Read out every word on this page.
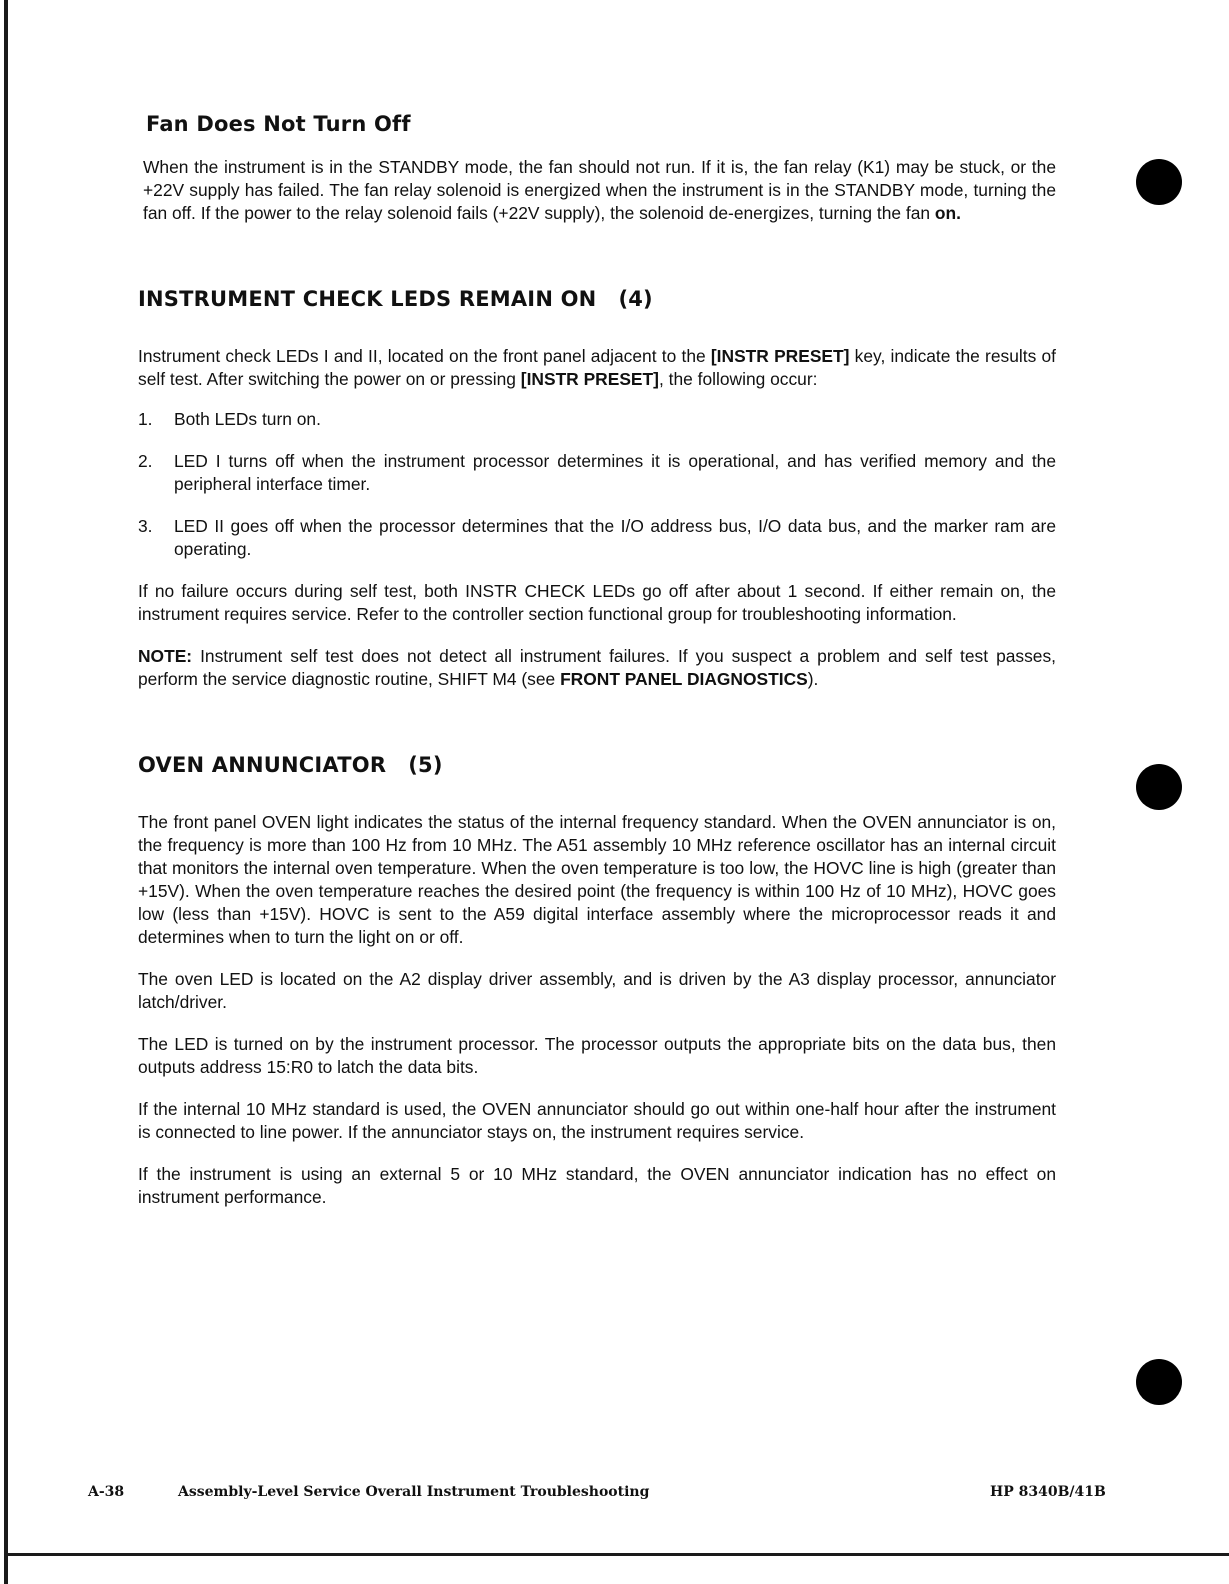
Fan Does Not Turn Off

When the instrument is in the STANDBY mode, the fan should not run. If it is, the fan relay (K1) may be stuck, or the +22V supply has failed. The fan relay solenoid is energized when the instrument is in the STANDBY mode, turning the fan off. If the power to the relay solenoid fails (+22V supply), the solenoid de-energizes, turning the fan on.

INSTRUMENT CHECK LEDS REMAIN ON (4)

Instrument check LEDs I and II, located on the front panel adjacent to the [INSTR PRESET] key, indicate the results of self test. After switching the power on or pressing [INSTR PRESET], the following occur:

1.	Both LEDs turn on.
2.	LED I turns off when the instrument processor determines it is operational, and has verified memory and the peripheral interface timer.
3.	LED II goes off when the processor determines that the I/O address bus, I/O data bus, and the marker ram are operating.

If no failure occurs during self test, both INSTR CHECK LEDs go off after about 1 second. If either remain on, the instrument requires service. Refer to the controller section functional group for troubleshooting information.

NOTE: Instrument self test does not detect all instrument failures. If you suspect a problem and self test passes, perform the service diagnostic routine, SHIFT M4 (see FRONT PANEL DIAGNOSTICS).

OVEN ANNUNCIATOR (5)

The front panel OVEN light indicates the status of the internal frequency standard. When the OVEN annunciator is on, the frequency is more than 100 Hz from 10 MHz. The A51 assembly 10 MHz reference oscillator has an internal circuit that monitors the internal oven temperature. When the oven temperature is too low, the HOVC line is high (greater than +15V). When the oven temperature reaches the desired point (the frequency is within 100 Hz of 10 MHz), HOVC goes low (less than +15V). HOVC is sent to the A59 digital interface assembly where the microprocessor reads it and determines when to turn the light on or off.

The oven LED is located on the A2 display driver assembly, and is driven by the A3 display processor, annunciator latch/driver.

The LED is turned on by the instrument processor. The processor outputs the appropriate bits on the data bus, then outputs address 15:R0 to latch the data bits.

If the internal 10 MHz standard is used, the OVEN annunciator should go out within one-half hour after the instrument is connected to line power. If the annunciator stays on, the instrument requires service.

If the instrument is using an external 5 or 10 MHz standard, the OVEN annunciator indication has no effect on instrument performance.

A-38	Assembly-Level Service Overall Instrument Troubleshooting	HP 8340B/41B
